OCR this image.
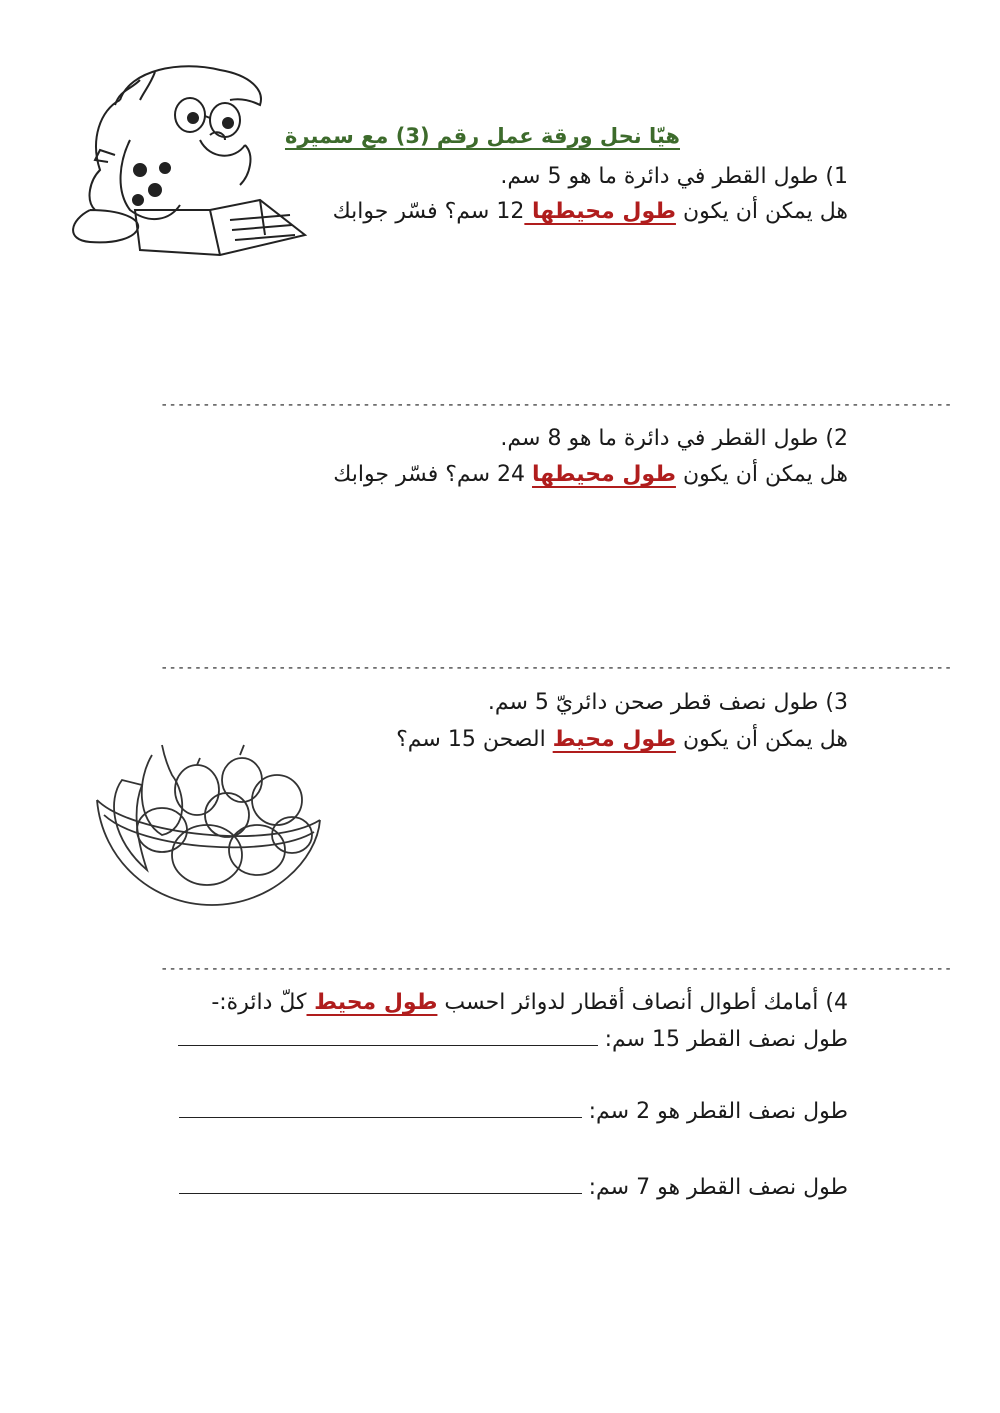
هيّا نحل ورقة عمل رقم (3) مع سميرة
1) طول القطر في دائرة ما هو 5 سم.
هل يمكن أن يكون طول محيطها 12 سم؟ فسّر جوابك
----------------------------------------------------------------------------------------------
2) طول القطر في دائرة ما هو 8 سم.
هل يمكن أن يكون طول محيطها 24 سم؟ فسّر جوابك
----------------------------------------------------------------------------------------------
3) طول نصف قطر صحن دائريّ 5 سم.
هل يمكن أن يكون طول محيط الصحن 15 سم؟
----------------------------------------------------------------------------------------------
4) أمامك أطوال أنصاف أقطار لدوائر احسب طول محيط كلّ دائرة:-
طول نصف القطر 15 سم:
طول نصف القطر هو 2 سم:
طول نصف القطر هو 7 سم:
